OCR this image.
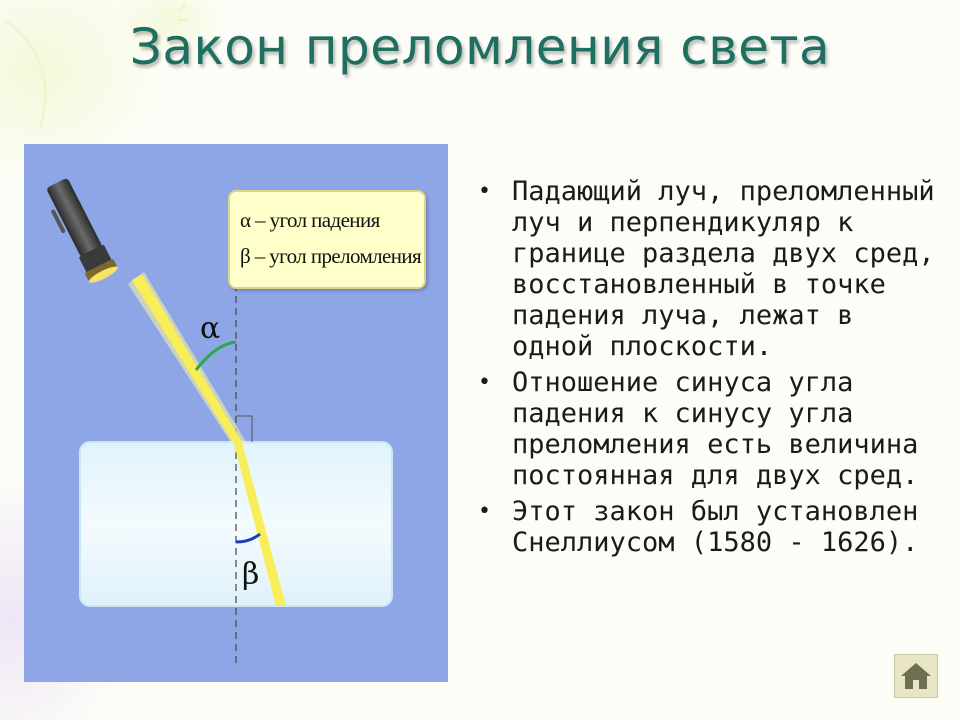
Закон преломления света
α – угол падения
β – угол преломления
α
β
• Падающий луч, преломленный луч и перпендикуляр к границе раздела двух сред, восстановленный в точке падения луча, лежат в одной плоскости.
• Отношение синуса угла падения к синусу угла преломления есть величина постоянная для двух сред.
• Этот закон был установлен Снеллиусом (1580 - 1626).
